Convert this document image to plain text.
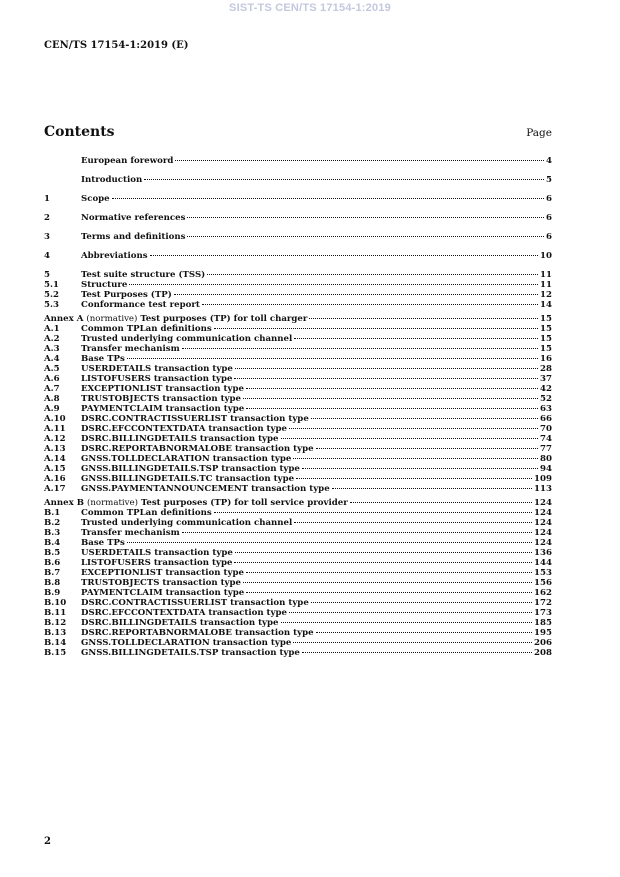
SIST-TS CEN/TS 17154-1:2019
CEN/TS 17154-1:2019 (E)
Contents	Page
European foreword	4
Introduction	5
1	Scope	6
2	Normative references	6
3	Terms and definitions	6
4	Abbreviations	10
5	Test suite structure (TSS)	11
5.1	Structure	11
5.2	Test Purposes (TP)	12
5.3	Conformance test report	14
Annex A (normative) Test purposes (TP) for toll charger	15
A.1	Common TPLan definitions	15
A.2	Trusted underlying communication channel	15
A.3	Transfer mechanism	15
A.4	Base TPs	16
A.5	USERDETAILS transaction type	28
A.6	LISTOFUSERS transaction type	37
A.7	EXCEPTIONLIST transaction type	42
A.8	TRUSTOBJECTS transaction type	52
A.9	PAYMENTCLAIM transaction type	63
A.10	DSRC.CONTRACTISSUERLIST transaction type	66
A.11	DSRC.EFCCONTEXTDATA transaction type	70
A.12	DSRC.BILLINGDETAILS transaction type	74
A.13	DSRC.REPORTABNORMALOBE transaction type	77
A.14	GNSS.TOLLDECLARATION transaction type	80
A.15	GNSS.BILLINGDETAILS.TSP transaction type	94
A.16	GNSS.BILLINGDETAILS.TC transaction type	109
A.17	GNSS.PAYMENTANNOUNCEMENT transaction type	113
Annex B (normative) Test purposes (TP) for toll service provider	124
B.1	Common TPLan definitions	124
B.2	Trusted underlying communication channel	124
B.3	Transfer mechanism	124
B.4	Base TPs	124
B.5	USERDETAILS transaction type	136
B.6	LISTOFUSERS transaction type	144
B.7	EXCEPTIONLIST transaction type	153
B.8	TRUSTOBJECTS transaction type	156
B.9	PAYMENTCLAIM transaction type	162
B.10	DSRC.CONTRACTISSUERLIST transaction type	172
B.11	DSRC.EFCCONTEXTDATA transaction type	173
B.12	DSRC.BILLINGDETAILS transaction type	185
B.13	DSRC.REPORTABNORMALOBE transaction type	195
B.14	GNSS.TOLLDECLARATION transaction type	206
B.15	GNSS.BILLINGDETAILS.TSP transaction type	208
2
